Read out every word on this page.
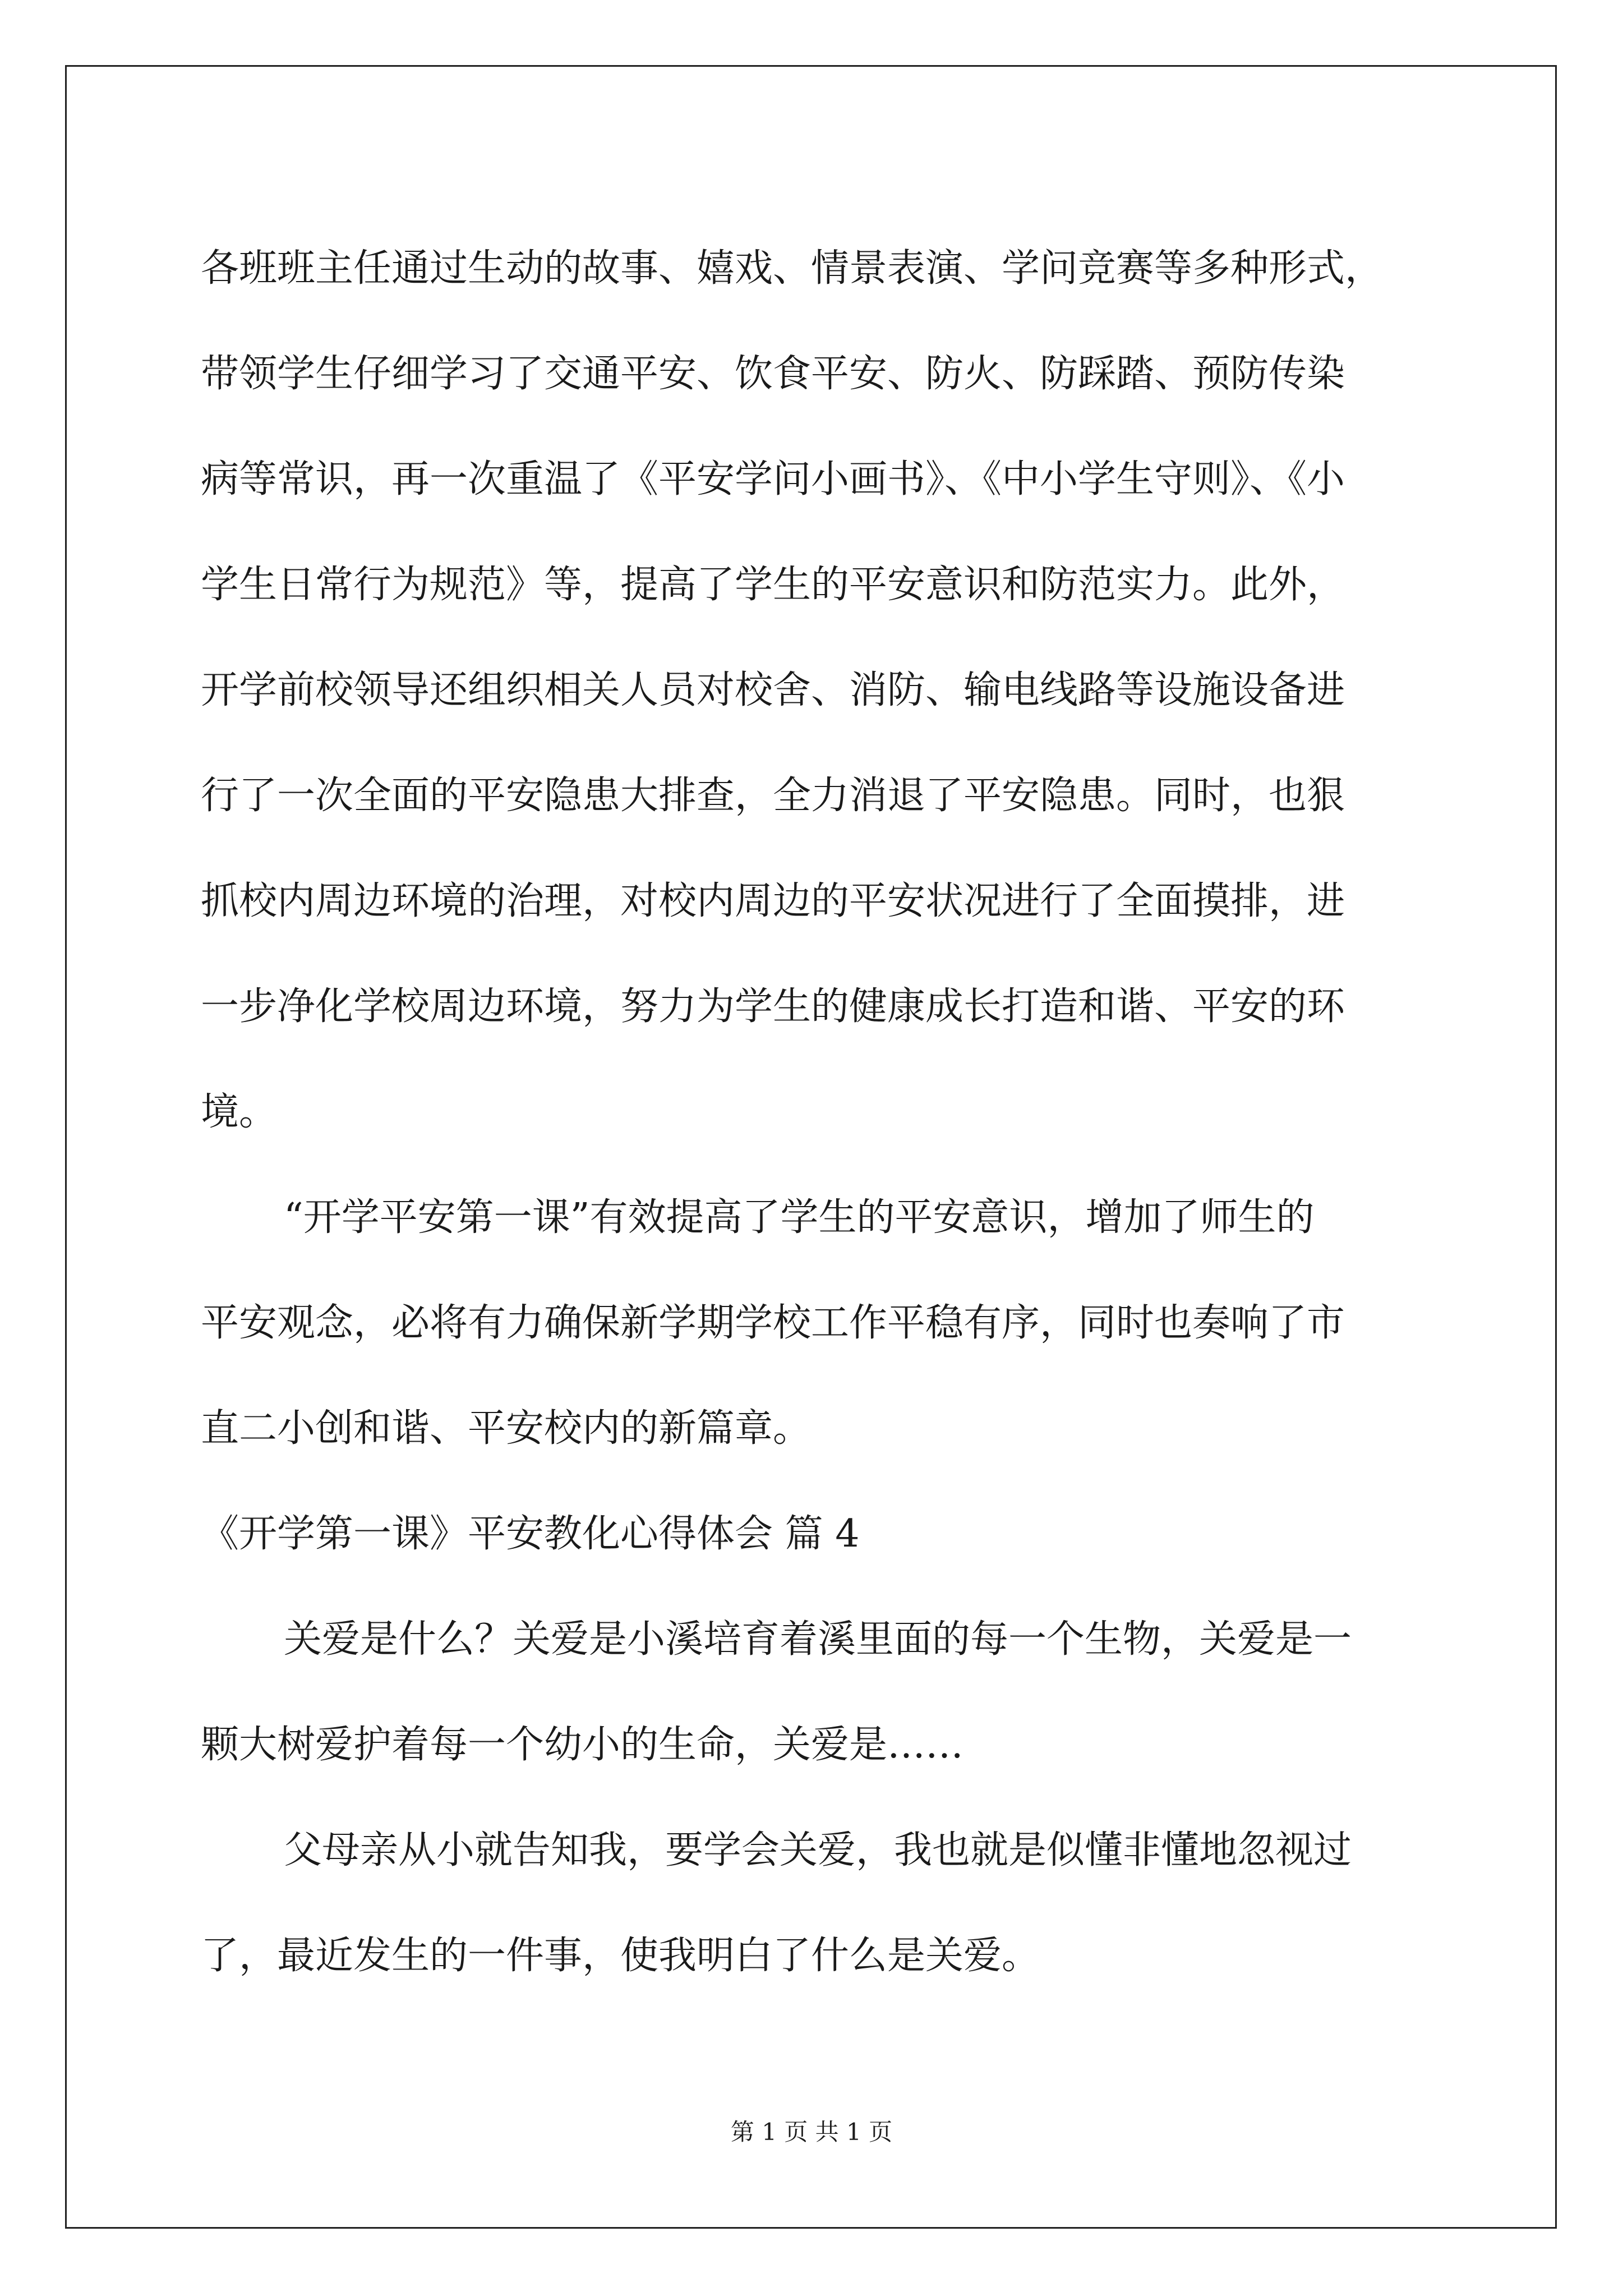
各班班主任通过生动的故事、嬉戏、情景表演、学问竞赛等多种形式，
带领学生仔细学习了交通平安、饮食平安、防火、防踩踏、预防传染
病等常识，再一次重温了《平安学问小画书》、《中小学生守则》、《小
学生日常行为规范》等，提高了学生的平安意识和防范实力。此外，
开学前校领导还组织相关人员对校舍、消防、输电线路等设施设备进
行了一次全面的平安隐患大排查，全力消退了平安隐患。同时，也狠
抓校内周边环境的治理，对校内周边的平安状况进行了全面摸排，进
一步净化学校周边环境，努力为学生的健康成长打造和谐、平安的环
境。
“开学平安第一课”有效提高了学生的平安意识，增加了师生的
平安观念，必将有力确保新学期学校工作平稳有序，同时也奏响了市
直二小创和谐、平安校内的新篇章。
《开学第一课》平安教化心得体会 篇 4
关爱是什么？关爱是小溪培育着溪里面的每一个生物，关爱是一
颗大树爱护着每一个幼小的生命，关爱是……
父母亲从小就告知我，要学会关爱，我也就是似懂非懂地忽视过
了，最近发生的一件事，使我明白了什么是关爱。
第 1 页 共 1 页
